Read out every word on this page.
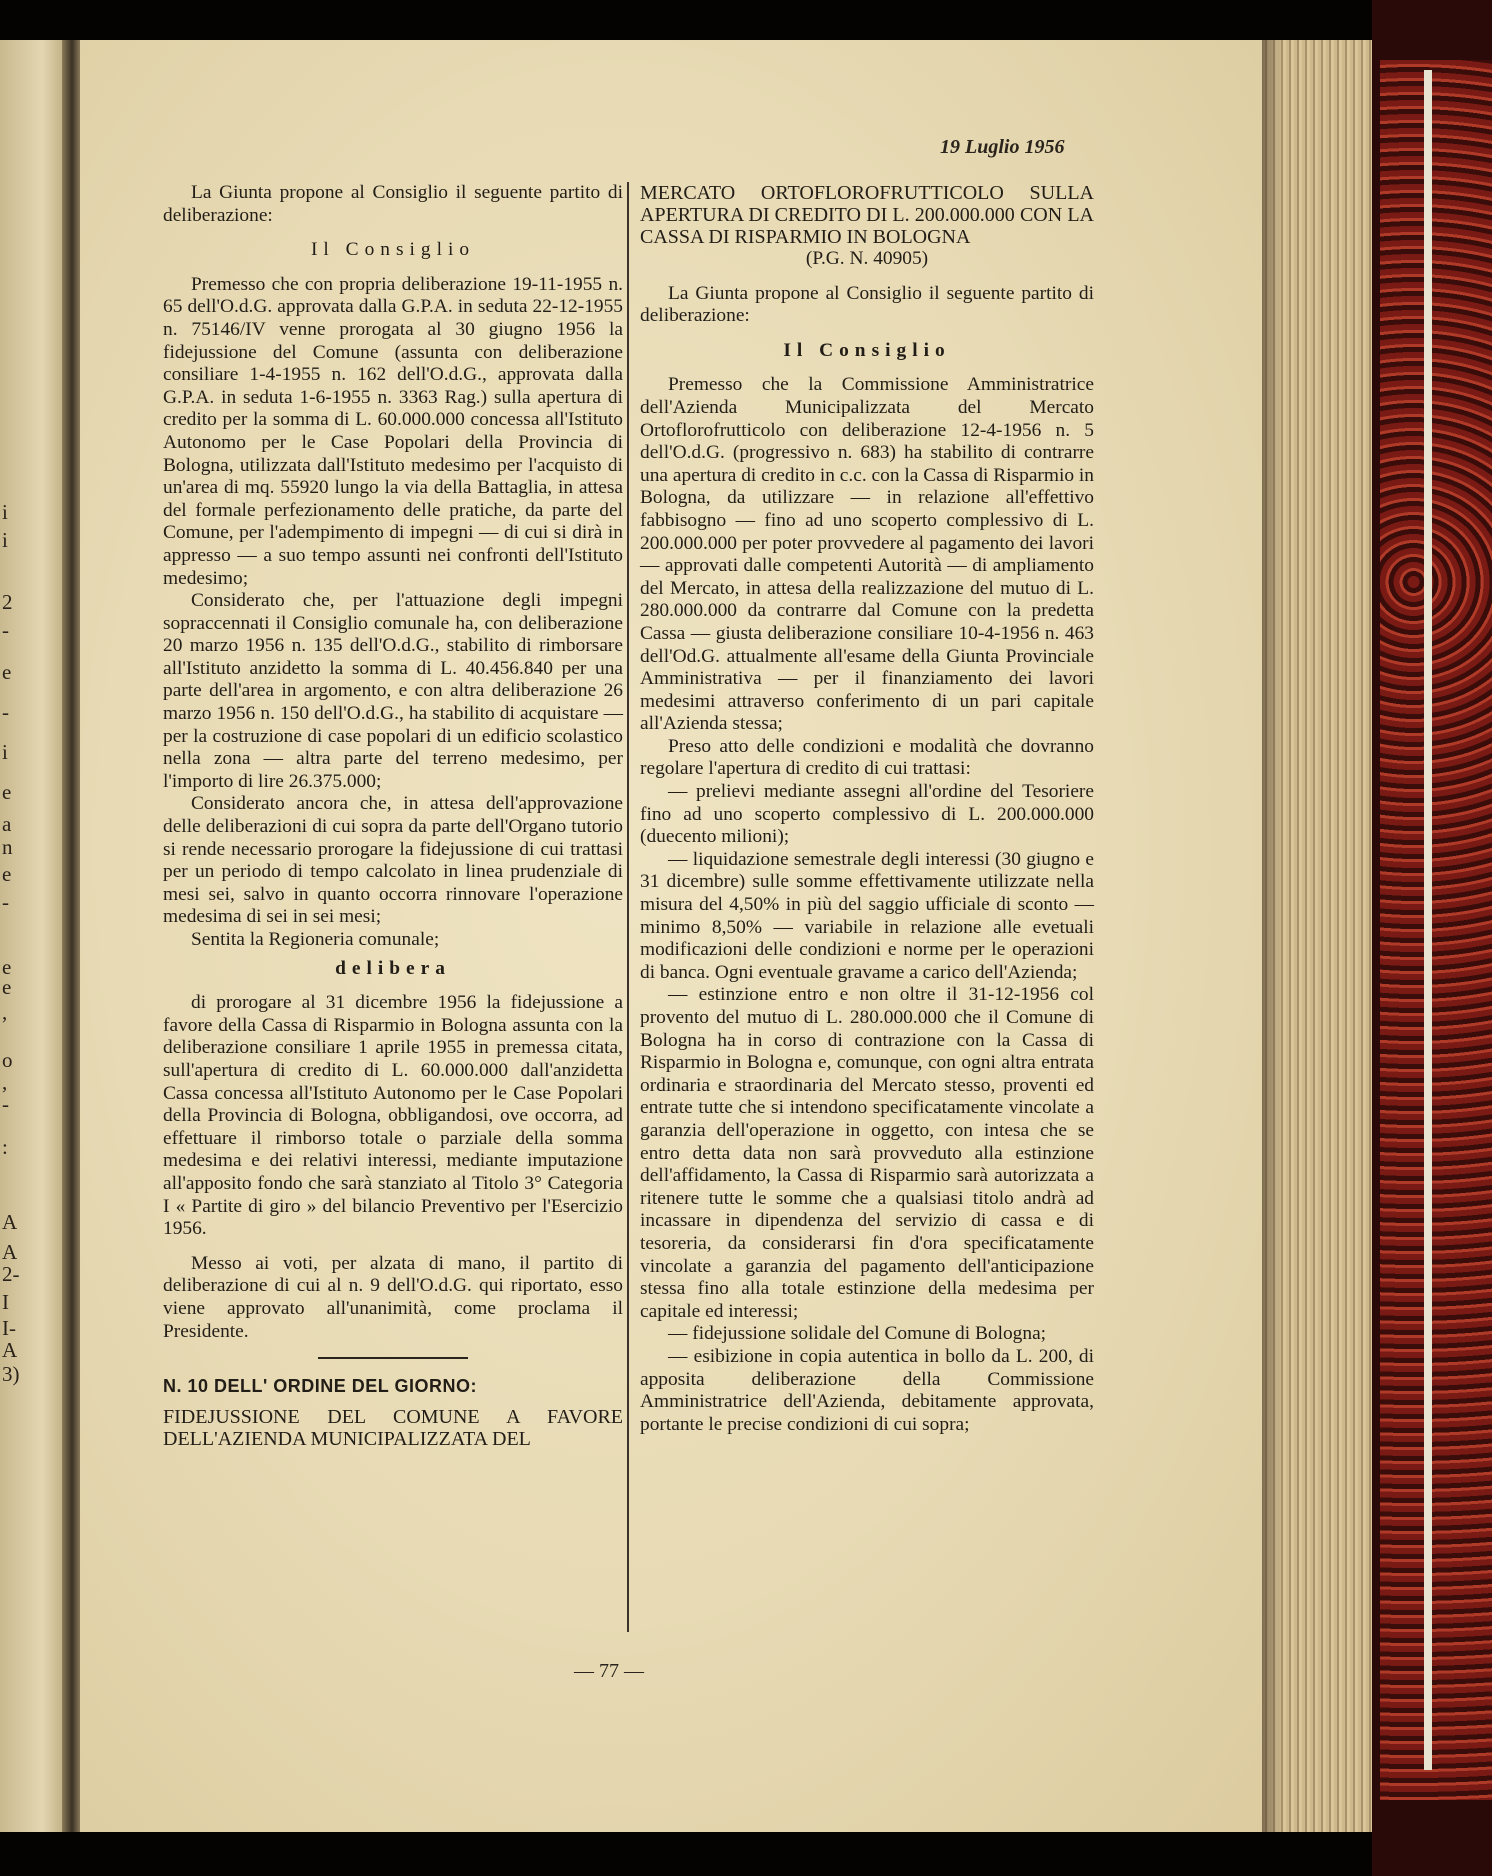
i
i
2
-
e
-
i
e
a
n
e
-
e
e
,
o
,
-
:
A
A
2-
I
I-
A
3)
19 Luglio 1956

La Giunta propone al Consiglio il seguente partito di deliberazione:

Il Consiglio

Premesso che con propria deliberazione 19-11-1955 n. 65 dell'O.d.G. approvata dalla G.P.A. in seduta 22-12-1955 n. 75146/IV venne prorogata al 30 giugno 1956 la fidejussione del Comune (assunta con deliberazione consiliare 1-4-1955 n. 162 dell'O.d.G., approvata dalla G.P.A. in seduta 1-6-1955 n. 3363 Rag.) sulla apertura di credito per la somma di L. 60.000.000 concessa all'Istituto Autonomo per le Case Popolari della Provincia di Bologna, utilizzata dall'Istituto medesimo per l'acquisto di un'area di mq. 55920 lungo la via della Battaglia, in attesa del formale perfezionamento delle pratiche, da parte del Comune, per l'adempimento di impegni — di cui si dirà in appresso — a suo tempo assunti nei confronti dell'Istituto medesimo;

Considerato che, per l'attuazione degli impegni sopraccennati il Consiglio comunale ha, con deliberazione 20 marzo 1956 n. 135 dell'O.d.G., stabilito di rimborsare all'Istituto anzidetto la somma di L. 40.456.840 per una parte dell'area in argomento, e con altra deliberazione 26 marzo 1956 n. 150 dell'O.d.G., ha stabilito di acquistare — per la costruzione di case popolari di un edificio scolastico nella zona — altra parte del terreno medesimo, per l'importo di lire 26.375.000;

Considerato ancora che, in attesa dell'approvazione delle deliberazioni di cui sopra da parte dell'Organo tutorio si rende necessario prorogare la fidejussione di cui trattasi per un periodo di tempo calcolato in linea prudenziale di mesi sei, salvo in quanto occorra rinnovare l'operazione medesima di sei in sei mesi;

Sentita la Regioneria comunale;

delibera

di prorogare al 31 dicembre 1956 la fidejussione a favore della Cassa di Risparmio in Bologna assunta con la deliberazione consiliare 1 aprile 1955 in premessa citata, sull'apertura di credito di L. 60.000.000 dall'anzidetta Cassa concessa all'Istituto Autonomo per le Case Popolari della Provincia di Bologna, obbligandosi, ove occorra, ad effettuare il rimborso totale o parziale della somma medesima e dei relativi interessi, mediante imputazione all'apposito fondo che sarà stanziato al Titolo 3° Categoria I « Partite di giro » del bilancio Preventivo per l'Esercizio 1956.

Messo ai voti, per alzata di mano, il partito di deliberazione di cui al n. 9 dell'O.d.G. qui riportato, esso viene approvato all'unanimità, come proclama il Presidente.

N. 10 DELL' ORDINE DEL GIORNO:

FIDEJUSSIONE DEL COMUNE A FAVORE DELL'AZIENDA MUNICIPALIZZATA DEL

MERCATO ORTOFLOROFRUTTICOLO SULLA APERTURA DI CREDITO DI L. 200.000.000 CON LA CASSA DI RISPARMIO IN BOLOGNA

(P.G. N. 40905)

La Giunta propone al Consiglio il seguente partito di deliberazione:

Il Consiglio

Premesso che la Commissione Amministratrice dell'Azienda Municipalizzata del Mercato Ortoflorofrutticolo con deliberazione 12-4-1956 n. 5 dell'O.d.G. (progressivo n. 683) ha stabilito di contrarre una apertura di credito in c.c. con la Cassa di Risparmio in Bologna, da utilizzare — in relazione all'effettivo fabbisogno — fino ad uno scoperto complessivo di L. 200.000.000 per poter provvedere al pagamento dei lavori — approvati dalle competenti Autorità — di ampliamento del Mercato, in attesa della realizzazione del mutuo di L. 280.000.000 da contrarre dal Comune con la predetta Cassa — giusta deliberazione consiliare 10-4-1956 n. 463 dell'Od.G. attualmente all'esame della Giunta Provinciale Amministrativa — per il finanziamento dei lavori medesimi attraverso conferimento di un pari capitale all'Azienda stessa;

Preso atto delle condizioni e modalità che dovranno regolare l'apertura di credito di cui trattasi:

— prelievi mediante assegni all'ordine del Tesoriere fino ad uno scoperto complessivo di L. 200.000.000 (duecento milioni);

— liquidazione semestrale degli interessi (30 giugno e 31 dicembre) sulle somme effettivamente utilizzate nella misura del 4,50% in più del saggio ufficiale di sconto — minimo 8,50% — variabile in relazione alle evetuali modificazioni delle condizioni e norme per le operazioni di banca. Ogni eventuale gravame a carico dell'Azienda;

— estinzione entro e non oltre il 31-12-1956 col provento del mutuo di L. 280.000.000 che il Comune di Bologna ha in corso di contrazione con la Cassa di Risparmio in Bologna e, comunque, con ogni altra entrata ordinaria e straordinaria del Mercato stesso, proventi ed entrate tutte che si intendono specificatamente vincolate a garanzia dell'operazione in oggetto, con intesa che se entro detta data non sarà provveduto alla estinzione dell'affidamento, la Cassa di Risparmio sarà autorizzata a ritenere tutte le somme che a qualsiasi titolo andrà ad incassare in dipendenza del servizio di cassa e di tesoreria, da considerarsi fin d'ora specificatamente vincolate a garanzia del pagamento dell'anticipazione stessa fino alla totale estinzione della medesima per capitale ed interessi;

— fidejussione solidale del Comune di Bologna;

— esibizione in copia autentica in bollo da L. 200, di apposita deliberazione della Commissione Amministratrice dell'Azienda, debitamente approvata, portante le precise condizioni di cui sopra;

— 77 —
